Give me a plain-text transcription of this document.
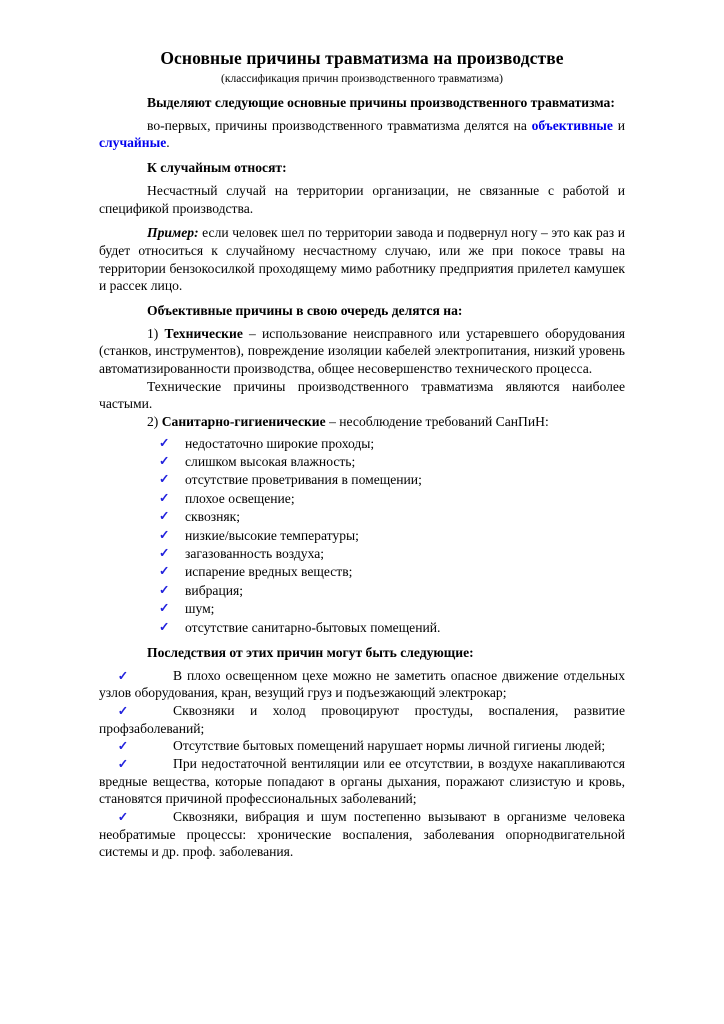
Основные причины травматизма на производстве
(классификация причин производственного травматизма)

Выделяют следующие основные причины производственного травматизма:

во-первых, причины производственного травматизма делятся на объективные и случайные.

К случайным относят:

Несчастный случай на территории организации, не связанные с работой и спецификой производства.

Пример: если человек шел по территории завода и подвернул ногу – это как раз и будет относиться к случайному несчастному случаю, или же при покосе травы на территории бензокосилкой проходящему мимо работнику предприятия прилетел камушек и рассек лицо.

Объективные причины в свою очередь делятся на:

1) Технические – использование неисправного или устаревшего оборудования (станков, инструментов), повреждение изоляции кабелей электропитания, низкий уровень автоматизированности производства, общее несовершенство технического процесса.

Технические причины производственного травматизма являются наиболее частыми.

2) Санитарно-гигиенические – несоблюдение требований СанПиН:

✓ недостаточно широкие проходы;
✓ слишком высокая влажность;
✓ отсутствие проветривания в помещении;
✓ плохое освещение;
✓ сквозняк;
✓ низкие/высокие температуры;
✓ загазованность воздуха;
✓ испарение вредных веществ;
✓ вибрация;
✓ шум;
✓ отсутствие санитарно-бытовых помещений.

Последствия от этих причин могут быть следующие:

✓	В плохо освещенном цехе можно не заметить опасное движение отдельных узлов оборудования, кран, везущий груз и подъезжающий электрокар;

✓	Сквозняки и холод провоцируют простуды, воспаления, развитие профзаболеваний;

✓	Отсутствие бытовых помещений нарушает нормы личной гигиены людей;

✓	При недостаточной вентиляции или ее отсутствии, в воздухе накапливаются вредные вещества, которые попадают в органы дыхания, поражают слизистую и кровь, становятся причиной профессиональных заболеваний;

✓	Сквозняки, вибрация и шум постепенно вызывают в организме человека необратимые процессы: хронические воспаления, заболевания опорнодвигательной системы и др. проф. заболевания.
